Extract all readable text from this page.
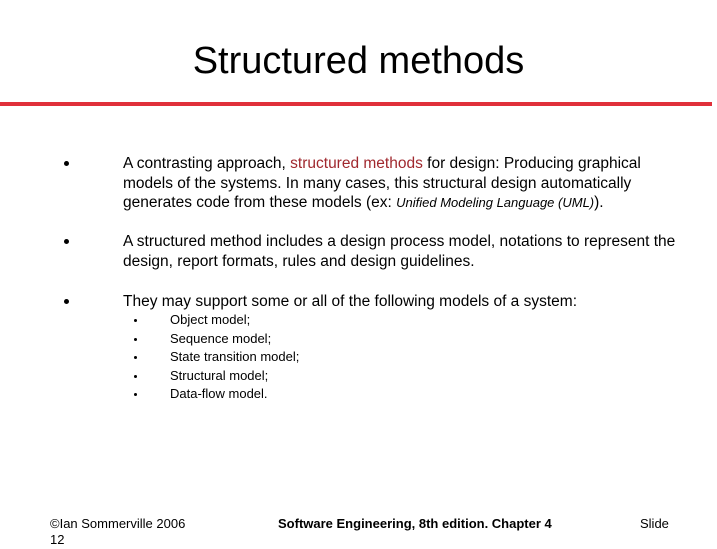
Structured methods
A contrasting approach, structured methods for design: Producing graphical models of the systems. In many cases, this structural design automatically generates code from these models (ex: Unified Modeling Language (UML)).
A structured method includes a design process model, notations to represent the design, report formats, rules and design guidelines.
They may support some or all of the following models of a system:
Object model;
Sequence model;
State transition model;
Structural model;
Data-flow model.
©Ian Sommerville 2006	Software Engineering, 8th edition. Chapter 4	Slide
12
